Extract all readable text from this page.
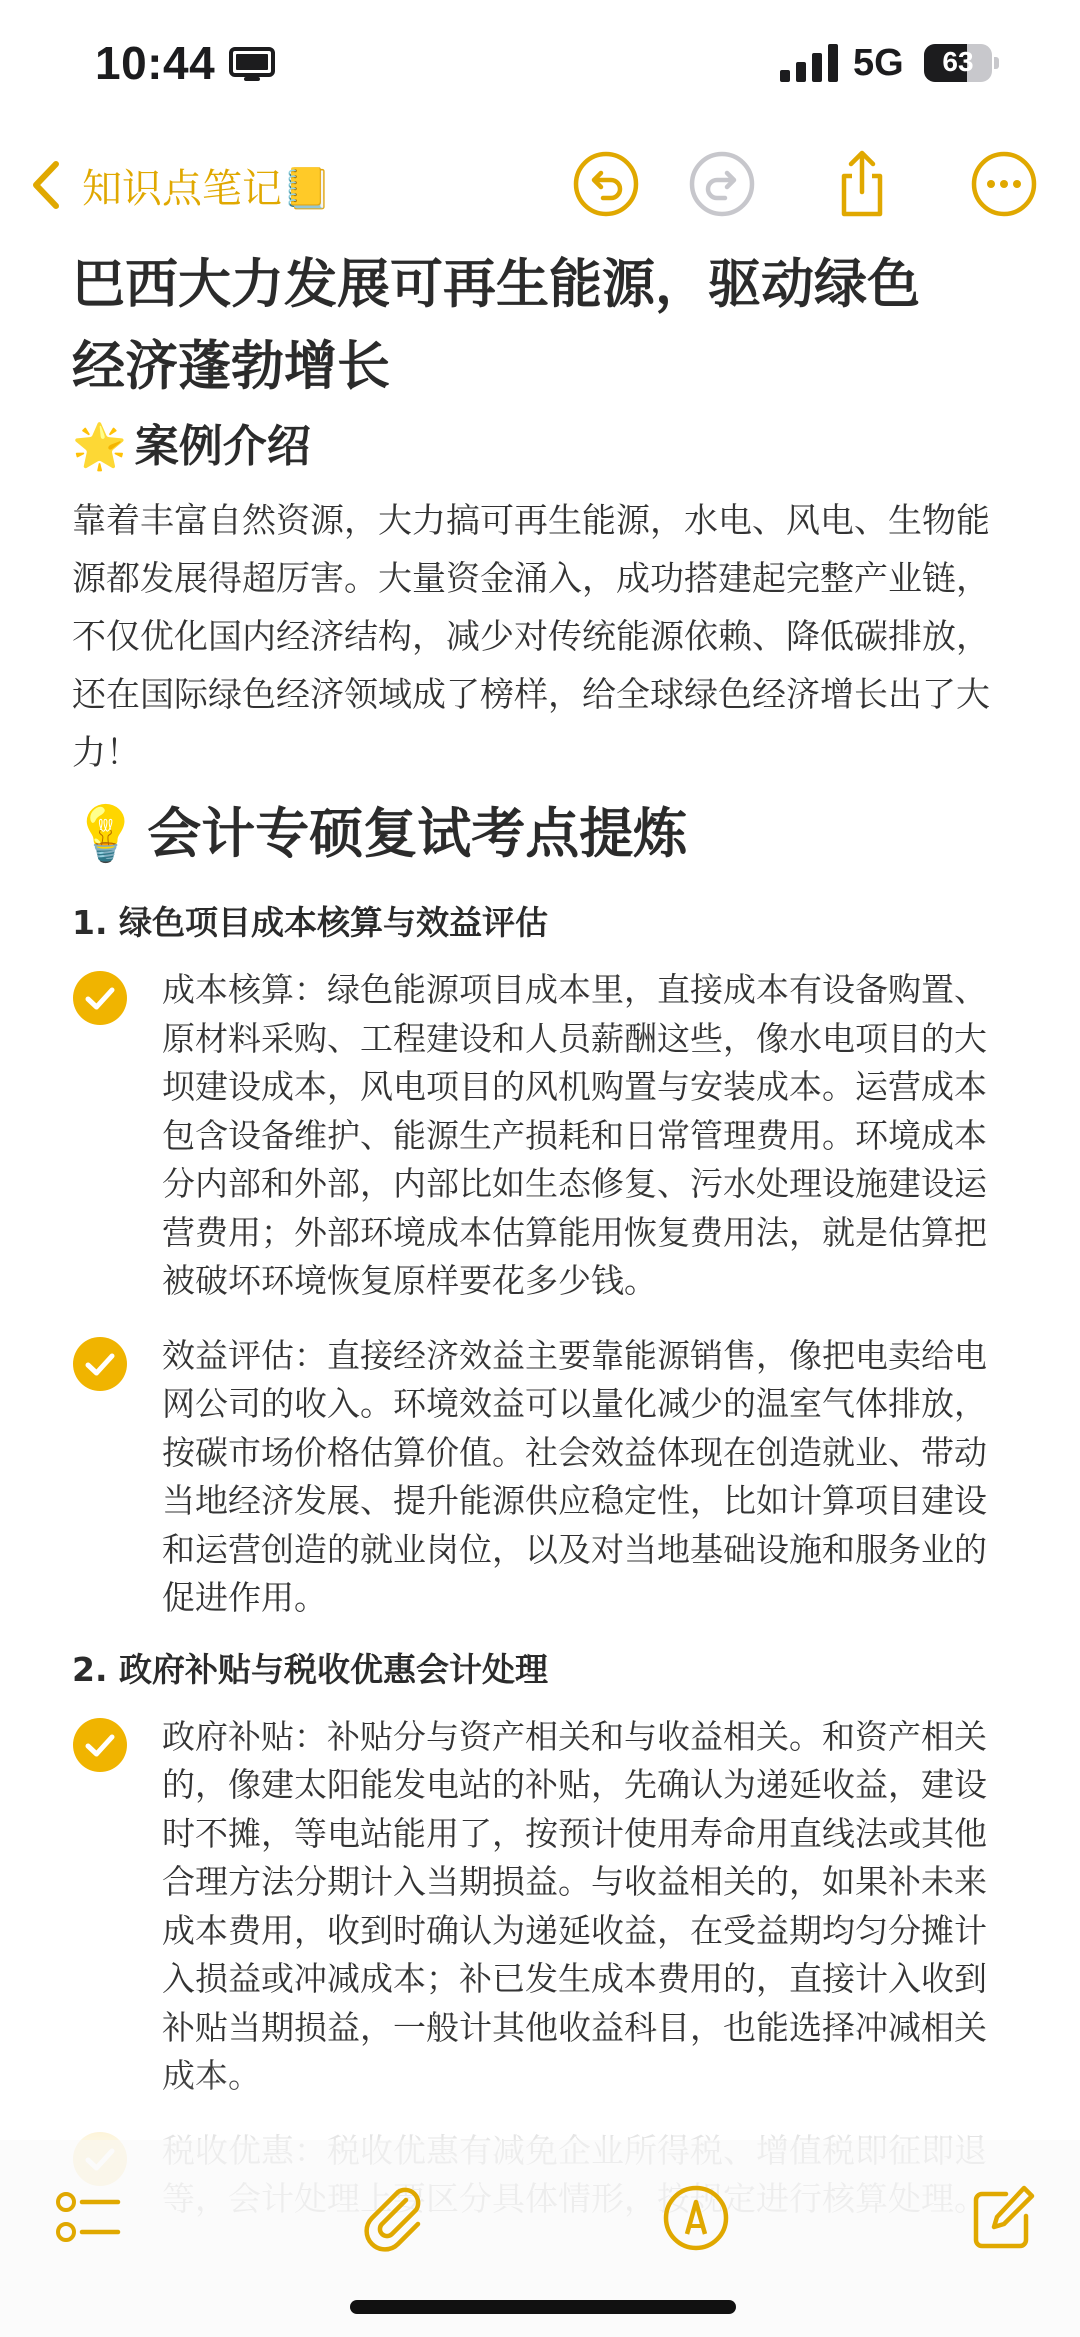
10:44	5G	63
知识点笔记📒
巴西大力发展可再生能源，驱动绿色
经济蓬勃增长
🌟 案例介绍

靠着丰富自然资源，大力搞可再生能源，水电、风电、生物能源都发展得超厉害。大量资金涌入，成功搭建起完整产业链，不仅优化国内经济结构，减少对传统能源依赖、降低碳排放，还在国际绿色经济领域成了榜样，给全球绿色经济增长出了大力！

💡 会计专硕复试考点提炼
1. 绿色项目成本核算与效益评估
成本核算：绿色能源项目成本里，直接成本有设备购置、原材料采购、工程建设和人员薪酬这些，像水电项目的大坝建设成本，风电项目的风机购置与安装成本。运营成本包含设备维护、能源生产损耗和日常管理费用。环境成本分内部和外部，内部比如生态修复、污水处理设施建设运营费用；外部环境成本估算能用恢复费用法，就是估算把被破坏环境恢复原样要花多少钱。
效益评估：直接经济效益主要靠能源销售，像把电卖给电网公司的收入。环境效益可以量化减少的温室气体排放，按碳市场价格估算价值。社会效益体现在创造就业、带动当地经济发展、提升能源供应稳定性，比如计算项目建设和运营创造的就业岗位，以及对当地基础设施和服务业的促进作用。
2. 政府补贴与税收优惠会计处理
政府补贴：补贴分与资产相关和与收益相关。和资产相关的，像建太阳能发电站的补贴，先确认为递延收益，建设时不摊，等电站能用了，按预计使用寿命用直线法或其他合理方法分期计入当期损益。与收益相关的，如果补未来成本费用，收到时确认为递延收益，在受益期均匀分摊计入损益或冲减成本；补已发生成本费用的，直接计入收到补贴当期损益，一般计其他收益科目，也能选择冲减相关成本。
